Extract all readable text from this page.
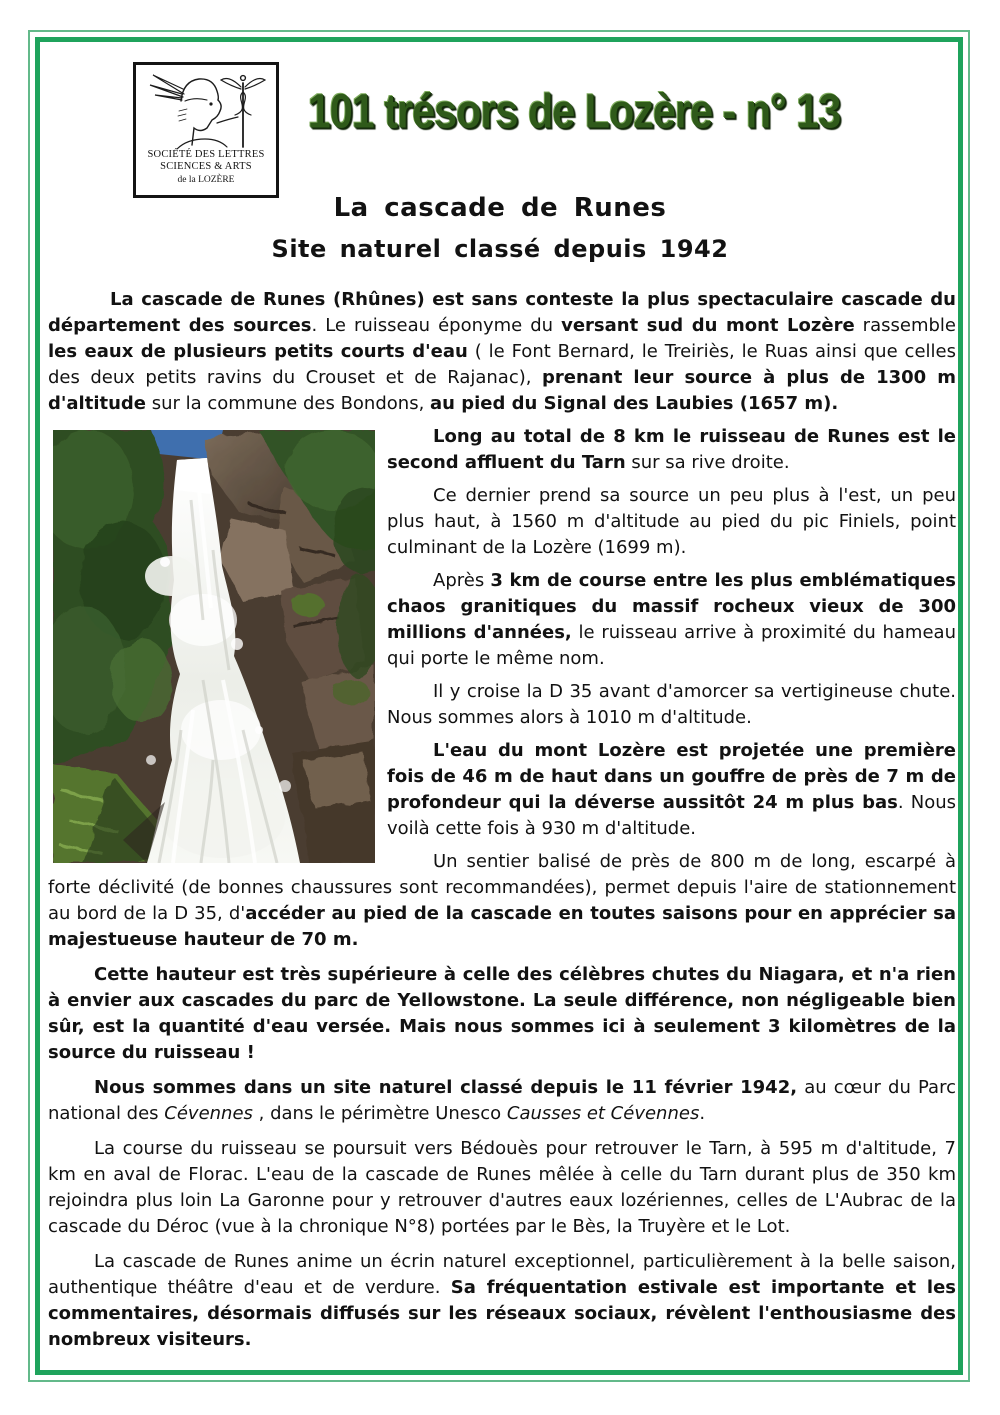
SOCIÉTÉ DES LETTRES
SCIENCES & ARTS
de la LOZÈRE
101 trésors de Lozère - n° 13
La cascade de Runes
Site naturel classé depuis 1942

La cascade de Runes (Rhûnes) est sans conteste la plus spectaculaire cascade du département des sources. Le ruisseau éponyme du versant sud du mont Lozère rassemble les eaux de plusieurs petits courts d'eau ( le Font Bernard, le Treiriès, le Ruas ainsi que celles des deux petits ravins du Crouset et de Rajanac), prenant leur source à plus de 1300 m d'altitude sur la commune des Bondons, au pied du Signal des Laubies (1657 m).

Long au total de 8 km le ruisseau de Runes est le second affluent du Tarn sur sa rive droite.

Ce dernier prend sa source un peu plus à l'est, un peu plus haut, à 1560 m d'altitude au pied du pic Finiels, point culminant de la Lozère (1699 m).

Après 3 km de course entre les plus emblématiques chaos granitiques du massif rocheux vieux de 300 millions d'années, le ruisseau arrive à proximité du hameau qui porte le même nom.

Il y croise la D 35 avant d'amorcer sa vertigineuse chute. Nous sommes alors à 1010 m d'altitude.

L'eau du mont Lozère est projetée une première fois de 46 m de haut dans un gouffre de près de 7 m de profondeur qui la déverse aussitôt 24 m plus bas. Nous voilà cette fois à 930 m d'altitude.

Un sentier balisé de près de 800 m de long, escarpé à forte déclivité (de bonnes chaussures sont recommandées), permet depuis l'aire de stationnement au bord de la D 35, d'accéder au pied de la cascade en toutes saisons pour en apprécier sa majestueuse hauteur de 70 m.

Cette hauteur est très supérieure à celle des célèbres chutes du Niagara, et n'a rien à envier aux cascades du parc de Yellowstone. La seule différence, non négligeable bien sûr, est la quantité d'eau versée. Mais nous sommes ici à seulement 3 kilomètres de la source du ruisseau !

Nous sommes dans un site naturel classé depuis le 11 février 1942, au cœur du Parc national des Cévennes , dans le périmètre Unesco Causses et Cévennes.

La course du ruisseau se poursuit vers Bédouès pour retrouver le Tarn, à 595 m d'altitude, 7 km en aval de Florac. L'eau de la cascade de Runes mêlée à celle du Tarn durant plus de 350 km rejoindra plus loin La Garonne pour y retrouver d'autres eaux lozériennes, celles de L'Aubrac de la cascade du Déroc (vue à la chronique N°8) portées par le Bès, la Truyère et le Lot.

La cascade de Runes anime un écrin naturel exceptionnel, particulièrement à la belle saison, authentique théâtre d'eau et de verdure. Sa fréquentation estivale est importante et les commentaires, désormais diffusés sur les réseaux sociaux, révèlent l'enthousiasme des nombreux visiteurs.
